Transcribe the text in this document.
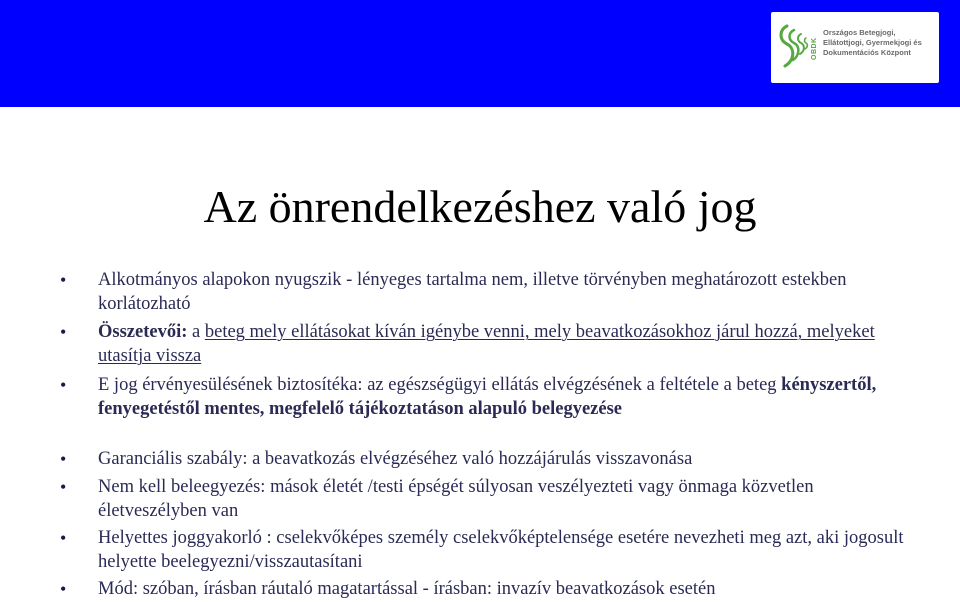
OBDK
Országos Betegjogi,
Ellátottjogi, Gyermekjogi és
Dokumentációs Központ
Az önrendelkezéshez való jog
• Alkotmányos alapokon nyugszik - lényeges tartalma nem, illetve törvényben meghatározott estekben korlátozható
• Összetevői: a beteg mely ellátásokat kíván igénybe venni, mely beavatkozásokhoz járul hozzá, melyeket utasítja vissza
• E jog érvényesülésének biztosítéka: az egészségügyi ellátás elvégzésének a feltétele a beteg kényszertől, fenyegetéstől mentes, megfelelő tájékoztatáson alapuló belegyezése
• Garanciális szabály: a beavatkozás elvégzéséhez való hozzájárulás visszavonása
• Nem kell beleegyezés: mások életét /testi épségét súlyosan veszélyezteti vagy önmaga közvetlen életveszélyben van
• Helyettes joggyakorló : cselekvőképes személy cselekvőképtelensége esetére nevezheti meg azt, aki jogosult helyette beelegyezni/visszautasítani
• Mód: szóban, írásban ráutaló magatartással - írásban: invazív beavatkozások esetén
